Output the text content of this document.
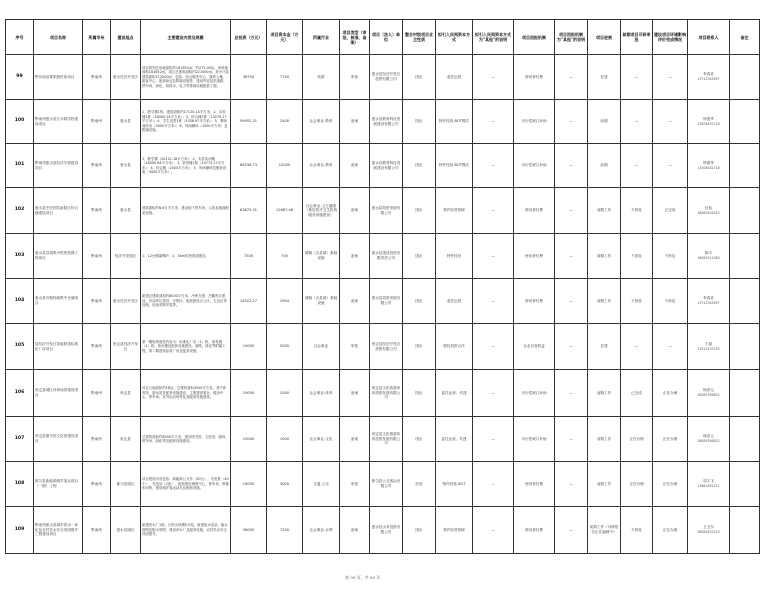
序号	项目名称	所属市州	建设地点	主要建设内容及规模	总投资（万元）	项目资本金（万元）	所属行业	项目类型（审批、核准、备案）	项目（法人）单位	整合村级项目业主性质	拟引入民间资本方式	拟引入民间资本方式为"其他"的说明	项目回报机制	项目回报机制为"其他"的说明	项目进展	前期项目可研审批	建设项目环境影响评价完成情况	项目联系人	备注
99	黔东南苗寨旅游民宿项目	黔南州	惠水经济开发区	项目规划总用地面积约181652㎡，约272.49亩，净用地面积181652㎡，项目总建筑面积约221000㎡，其中计容建筑面积212000㎡，包括：综合服务中心、康养公寓、游客中心、配套商业及附属设施等，建设内容包括道路、停车场、绿化、给排水、电力等基础设施配套工程。	38700	7740	旅游	审批	惠水县经济开发区投资有限公司	国企	委托运营	—	使用者付费	—	在建	—	—	李春来
13712345637	

100	黔南州惠水县九年制学校建设项目	黔南州	惠水县	1、教学楼1栋，建筑面积约17120.14平方米；2、实验楼1栋（18000.14平方米）；3、综合楼1栋（13275.27平方米）；4、学生食堂1栋（3336.97平方米）；5、教师周转房（3000平方米）；6、风雨操场（1500平方米）及附属设施。	59952.31	2400	社会事业-教育	备案	惠水县教育科技发展建设有限公司	国企	特许经营-BOT模式	—	可行性缺口补助	—	前期	—	—	钟建华
13508432718	

101	黔南州惠水县经济学校建设项目	黔南州	惠水县	1、教学楼（20121.18平方米）；2、实验实训楼（18000.64平方米）；3、宿舍楼1栋（14775.27平方米）；4、综合楼（2000平方米）；5、风雨操场及配套设施（3000平方米）。	64536.73	12000	社会事业-教育	备案	惠水县教育科技发展建设有限公司	国企	特许经营-BOT模式	—	可行性缺口补助	—	前期	—	—	钟建华
13508432718	

102	惠水县中医医院新院区综合楼建设项目	黔南州	惠水县	建筑面积约6.6万平方米，建设地下停车场，人防及地面配套设施。	63875.31	12687.46	社会事业-卫生健康（基层医疗卫生机构服务设施建设）	备案	惠水县投资发展有限公司	国企	特许经营管理	—	使用者付费	—	前期工作	不涉及	已完成	杜伟
18085404543	

103	惠水县县城集中供热管网工程项目	黔南州	经济开发园区	1、12台燃煤锅炉；2、5km供热管道建设。	7500	700	城镇（含县城）基础设施	备案	惠水县建设投资有限责任公司	国企	特许经营	—	使用者付费	—	前期工作	不涉及	不涉及	陈平
18085411080	

104	惠水县冷链物流集中仓储项目	黔南州	惠水经济开发区	新建总建筑面积约8000平方米，冷库在建；冷藏库区建设、冷冻库区建设、分拣区；配套建设办公区、生活区等设施，设备采购安装等。	14522.27	2904	城镇（含县城）基础设施	备案	惠水县投资发展有限公司	国企	委托运营	—	使用者付费	—	前期工作	不涉及	不涉及	李春来
13712345637	

105	县经济开发区智能制造标准化厂房项目	黔南州	贵定县经济开发区	第一期规划建设内容为：标准化厂房（1）栋，研发楼（1）栋，宿舍楼及配套设施建设，道路、绿化等附属工程，第二期建设标准厂房及配套设施。	10000	2000	社会事业	审批	贵定县经济开发区投资有限公司	国企	股权投资合作	—	企业自营收益	—	在建	—	—	王斌
13312432193	

106	贵定县城区体育场馆建设项目	黔南州	贵定县	项目占地面积约18亩，总建筑面积4500平方米，其中体育馆、游泳馆及配套设施建设，主要建设看台、健身中心、停车场、室外运动场等及其配套设施建设。	10000	2000	社会事业-体育	备案	贵定县文化旅游体育投资发展有限公司	国企	委托运营、代建	—	可行性缺口补助	—	前期工作	已完成	正在办理	杨武元
18085398822	

107	贵定县图书馆文化馆建设项目	黔南州	贵定县	总建筑面积约8500平方米，建设图书馆、文化馆、剧场、停车场、绿化等及配套设施建设。	10000	1000	社会事业-文化	备案	贵定县文化旅游体育投资发展有限公司	国企	委托运营、代建	—	可行性缺口补助	—	前期工作	正在办理	正在办理	杨武元
18085398822	

108	都匀县新能源城乡客运项目（一期）工程	黔南州	都匀县城区	项目建设内容包括：新能源公交车（20台），充电桩（40个）、充电站（2座），配套建设调度中心、停车场、维修车间等，建设城乡客运站点及配套设施。	16000	3000	交通-公交	审批	都匀县公交客运有限公司	民营	特许经营-BOT	—	使用者付费	—	前期工作	正在办理	正在办理	周宇飞
13881492211	

109	黔南州惠水县城乡供水一体化及农村饮水安全巩固提升工程建设项目	黔南州	惠水县城区	新建供水厂1座，日供水规模5万吨，新建取水泵站、输水管网及配水管网，建设净水厂及配套设施，农村饮水安全巩固提升。	36000	7200	社会事业-水利	备案	惠水县水务投资有限公司	国企	特许经营管理	—	使用者付费	—	前期工作（可研报告正在编制中）	不涉及	正在办理	王卫东
18085432219	

第 99 页，共 99 页
